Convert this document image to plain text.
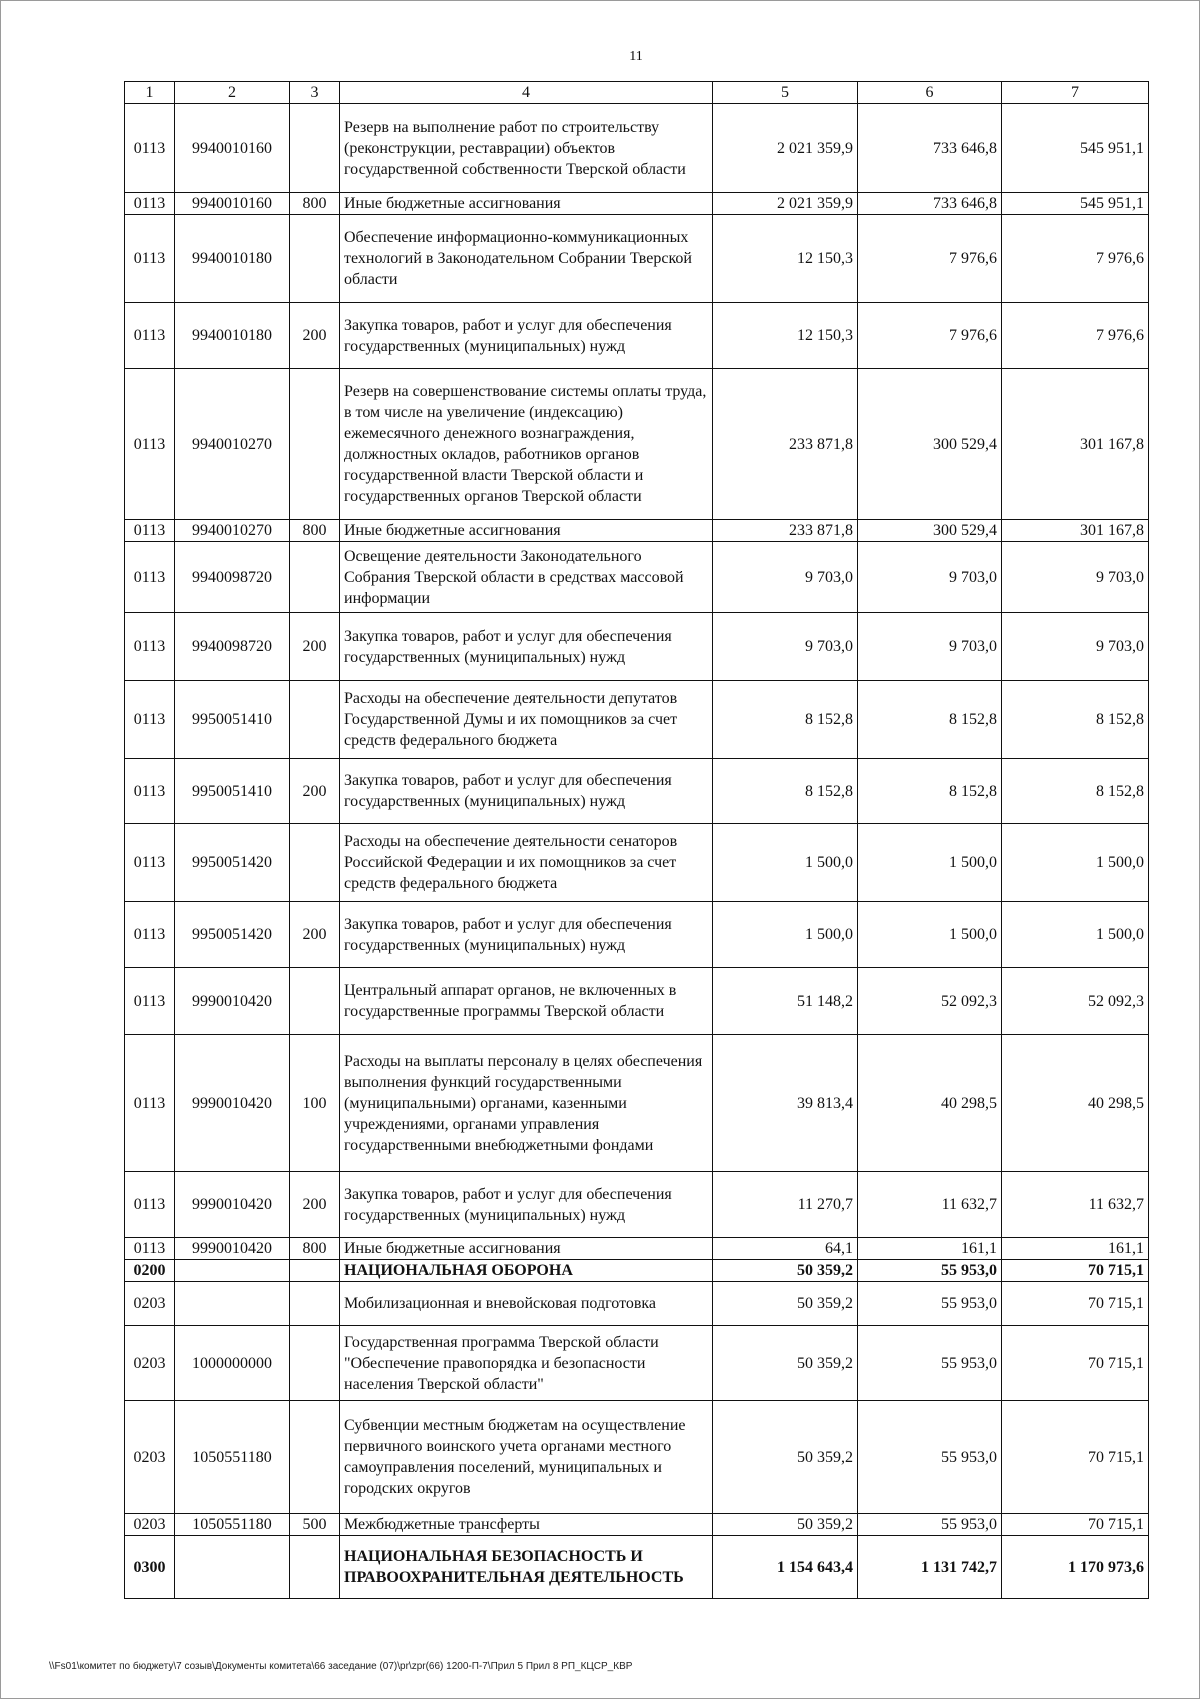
11
1	2	3	4	5	6	7
0113	9940010160		Резерв на выполнение работ по строительству (реконструкции, реставрации) объектов государственной собственности Тверской области	2 021 359,9	733 646,8	545 951,1
0113	9940010160	800	Иные бюджетные ассигнования	2 021 359,9	733 646,8	545 951,1
0113	9940010180		Обеспечение информационно-коммуникационных технологий в Законодательном Собрании Тверской области	12 150,3	7 976,6	7 976,6
0113	9940010180	200	Закупка товаров, работ и услуг для обеспечения государственных (муниципальных) нужд	12 150,3	7 976,6	7 976,6
0113	9940010270		Резерв на совершенствование системы оплаты труда, в том числе на увеличение (индексацию) ежемесячного денежного вознаграждения, должностных окладов, работников органов государственной власти Тверской области и государственных органов Тверской области	233 871,8	300 529,4	301 167,8
0113	9940010270	800	Иные бюджетные ассигнования	233 871,8	300 529,4	301 167,8
0113	9940098720		Освещение деятельности Законодательного Собрания Тверской области в средствах массовой информации	9 703,0	9 703,0	9 703,0
0113	9940098720	200	Закупка товаров, работ и услуг для обеспечения государственных (муниципальных) нужд	9 703,0	9 703,0	9 703,0
0113	9950051410		Расходы на обеспечение деятельности депутатов Государственной Думы и их помощников за счет средств федерального бюджета	8 152,8	8 152,8	8 152,8
0113	9950051410	200	Закупка товаров, работ и услуг для обеспечения государственных (муниципальных) нужд	8 152,8	8 152,8	8 152,8
0113	9950051420		Расходы на обеспечение деятельности сенаторов Российской Федерации и их помощников за счет средств федерального бюджета	1 500,0	1 500,0	1 500,0
0113	9950051420	200	Закупка товаров, работ и услуг для обеспечения государственных (муниципальных) нужд	1 500,0	1 500,0	1 500,0
0113	9990010420		Центральный аппарат органов, не включенных в государственные программы Тверской области	51 148,2	52 092,3	52 092,3
0113	9990010420	100	Расходы на выплаты персоналу в целях обеспечения выполнения функций государственными (муниципальными) органами, казенными учреждениями, органами управления государственными внебюджетными фондами	39 813,4	40 298,5	40 298,5
0113	9990010420	200	Закупка товаров, работ и услуг для обеспечения государственных (муниципальных) нужд	11 270,7	11 632,7	11 632,7
0113	9990010420	800	Иные бюджетные ассигнования	64,1	161,1	161,1
0200			НАЦИОНАЛЬНАЯ ОБОРОНА	50 359,2	55 953,0	70 715,1
0203			Мобилизационная и вневойсковая подготовка	50 359,2	55 953,0	70 715,1
0203	1000000000		Государственная программа Тверской области "Обеспечение правопорядка и безопасности населения Тверской области"	50 359,2	55 953,0	70 715,1
0203	1050551180		Субвенции местным бюджетам на осуществление первичного воинского учета органами местного самоуправления поселений, муниципальных и городских округов	50 359,2	55 953,0	70 715,1
0203	1050551180	500	Межбюджетные трансферты	50 359,2	55 953,0	70 715,1
0300			НАЦИОНАЛЬНАЯ БЕЗОПАСНОСТЬ И ПРАВООХРАНИТЕЛЬНАЯ ДЕЯТЕЛЬНОСТЬ	1 154 643,4	1 131 742,7	1 170 973,6
\\Fs01\комитет по бюджету\7 созыв\Документы комитета\66 заседание (07)\pr\zpr(66) 1200-П-7\Прил 5 Прил 8 РП_КЦСР_КВР
